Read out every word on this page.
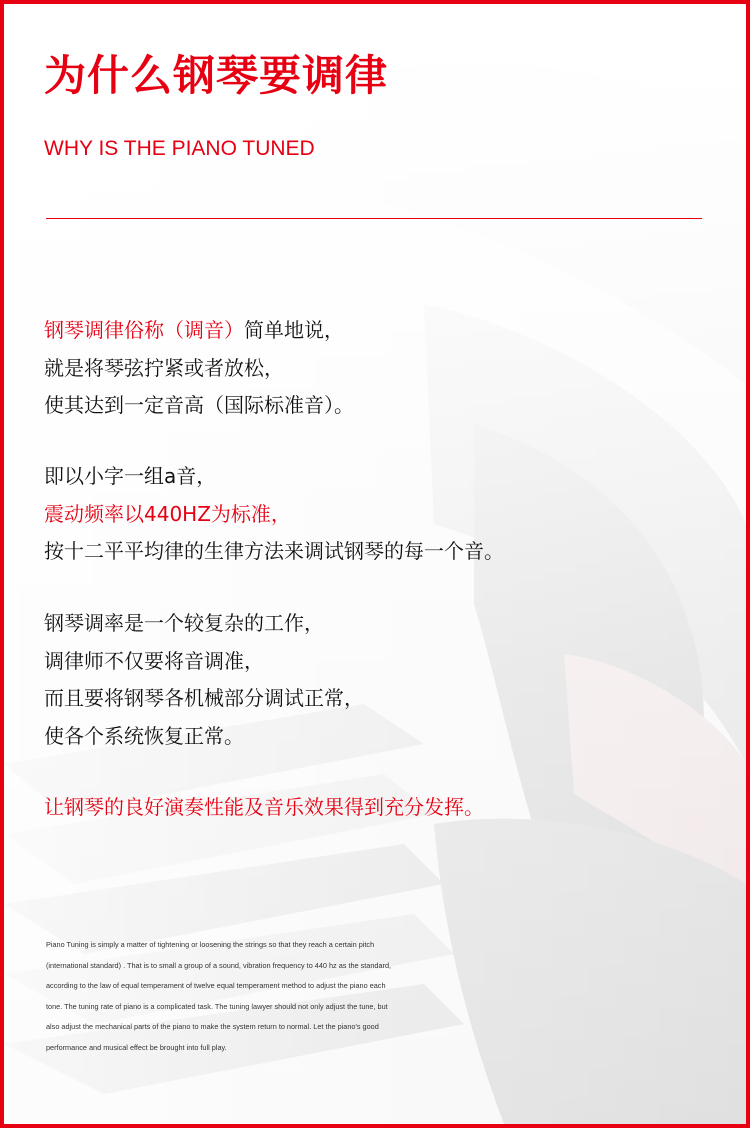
为什么钢琴要调律
WHY IS THE PIANO TUNED

钢琴调律俗称（调音）简单地说，
就是将琴弦拧紧或者放松，
使其达到一定音高（国际标准音）。

即以小字一组a音，
震动频率以440HZ为标准，
按十二平平均律的生律方法来调试钢琴的每一个音。

钢琴调率是一个较复杂的工作，
调律师不仅要将音调准，
而且要将钢琴各机械部分调试正常，
使各个系统恢复正常。

让钢琴的良好演奏性能及音乐效果得到充分发挥。

Piano Tuning is simply a matter of tightening or loosening the strings so that they reach a certain pitch
(international standard) . That is to small a group of a sound, vibration frequency to 440 hz as the standard,
according to the law of equal temperament of twelve equal temperament method to adjust the piano each
tone. The tuning rate of piano is a complicated task. The tuning lawyer should not only adjust the tune, but
also adjust the mechanical parts of the piano to make the system return to normal. Let the piano's good
performance and musical effect be brought into full play.
